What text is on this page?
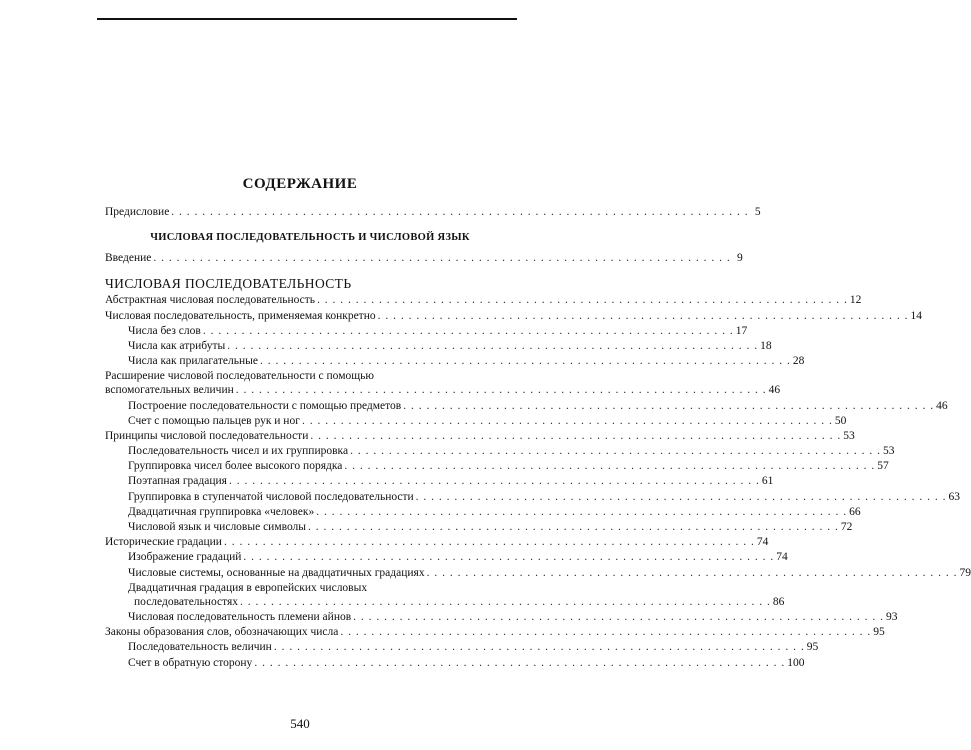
СОДЕРЖАНИЕ
Предисловие . . . . . . . . . . . . . . . . . . . . . . . . . . . . . . . . . . . . . . . . . . . . . . . . . . . . . . . . . . . . . . . . . . . . . . . . . . . 5
ЧИСЛОВАЯ ПОСЛЕДОВАТЕЛЬНОСТЬ И ЧИСЛОВОЙ ЯЗЫК
Введение . . . . . . . . . . . . . . . . . . . . . . . . . . . . . . . . . . . . . . . . . . . . . . . . . . . . . . . . . . . . . . . . . . . . . . . . . . . 9
ЧИСЛОВАЯ ПОСЛЕДОВАТЕЛЬНОСТЬ
Абстрактная числовая последовательность . . . . . . . . . . . . . . . . . . . . . . . . . . . . . . . . . . . . . . . . . . . . . . . . . . . . . . . . . . . . . . . . . . . . . 12
Числовая последовательность, применяемая конкретно . . . . . . . . . . . . . . . . . . . . . . . . . . . . . . . . . . . . . . . . . . . . . . . . . . . . . . . . . . . . . . . . . . . . . 14
Числа без слов . . . . . . . . . . . . . . . . . . . . . . . . . . . . . . . . . . . . . . . . . . . . . . . . . . . . . . . . . . . . . . . . . . . . . 17
Числа как атрибуты . . . . . . . . . . . . . . . . . . . . . . . . . . . . . . . . . . . . . . . . . . . . . . . . . . . . . . . . . . . . . . . . . . . . . 18
Числа как прилагательные . . . . . . . . . . . . . . . . . . . . . . . . . . . . . . . . . . . . . . . . . . . . . . . . . . . . . . . . . . . . . . . . . . . . . 28
Расширение числовой последовательности с помощью
вспомогательных величин . . . . . . . . . . . . . . . . . . . . . . . . . . . . . . . . . . . . . . . . . . . . . . . . . . . . . . . . . . . . . . . . . . . . . 46
Построение последовательности с помощью предметов . . . . . . . . . . . . . . . . . . . . . . . . . . . . . . . . . . . . . . . . . . . . . . . . . . . . . . . . . . . . . . . . . . . . . 46
Счет с помощью пальцев рук и ног . . . . . . . . . . . . . . . . . . . . . . . . . . . . . . . . . . . . . . . . . . . . . . . . . . . . . . . . . . . . . . . . . . . . . 50
Принципы числовой последовательности . . . . . . . . . . . . . . . . . . . . . . . . . . . . . . . . . . . . . . . . . . . . . . . . . . . . . . . . . . . . . . . . . . . . . 53
Последовательность чисел и их группировка . . . . . . . . . . . . . . . . . . . . . . . . . . . . . . . . . . . . . . . . . . . . . . . . . . . . . . . . . . . . . . . . . . . . . 53
Группировка чисел более высокого порядка . . . . . . . . . . . . . . . . . . . . . . . . . . . . . . . . . . . . . . . . . . . . . . . . . . . . . . . . . . . . . . . . . . . . . 57
Поэтапная градация . . . . . . . . . . . . . . . . . . . . . . . . . . . . . . . . . . . . . . . . . . . . . . . . . . . . . . . . . . . . . . . . . . . . . 61
Группировка в ступенчатой числовой последовательности . . . . . . . . . . . . . . . . . . . . . . . . . . . . . . . . . . . . . . . . . . . . . . . . . . . . . . . . . . . . . . . . . . . . . 63
Двадцатичная группировка «человек» . . . . . . . . . . . . . . . . . . . . . . . . . . . . . . . . . . . . . . . . . . . . . . . . . . . . . . . . . . . . . . . . . . . . . 66
Числовой язык и числовые символы . . . . . . . . . . . . . . . . . . . . . . . . . . . . . . . . . . . . . . . . . . . . . . . . . . . . . . . . . . . . . . . . . . . . . 72
Исторические градации . . . . . . . . . . . . . . . . . . . . . . . . . . . . . . . . . . . . . . . . . . . . . . . . . . . . . . . . . . . . . . . . . . . . . 74
Изображение градаций . . . . . . . . . . . . . . . . . . . . . . . . . . . . . . . . . . . . . . . . . . . . . . . . . . . . . . . . . . . . . . . . . . . . . 74
Числовые системы, основанные на двадцатичных градациях . . . . . . . . . . . . . . . . . . . . . . . . . . . . . . . . . . . . . . . . . . . . . . . . . . . . . . . . . . . . . . . . . . . . . 79
Двадцатичная градация в европейских числовых
последовательностях . . . . . . . . . . . . . . . . . . . . . . . . . . . . . . . . . . . . . . . . . . . . . . . . . . . . . . . . . . . . . . . . . . . . . 86
Числовая последовательность племени айнов . . . . . . . . . . . . . . . . . . . . . . . . . . . . . . . . . . . . . . . . . . . . . . . . . . . . . . . . . . . . . . . . . . . . . 93
Законы образования слов, обозначающих числа . . . . . . . . . . . . . . . . . . . . . . . . . . . . . . . . . . . . . . . . . . . . . . . . . . . . . . . . . . . . . . . . . . . . . 95
Последовательность величин . . . . . . . . . . . . . . . . . . . . . . . . . . . . . . . . . . . . . . . . . . . . . . . . . . . . . . . . . . . . . . . . . . . . . 95
Счет в обратную сторону . . . . . . . . . . . . . . . . . . . . . . . . . . . . . . . . . . . . . . . . . . . . . . . . . . . . . . . . . . . . . . . . . . . . . 100
540
